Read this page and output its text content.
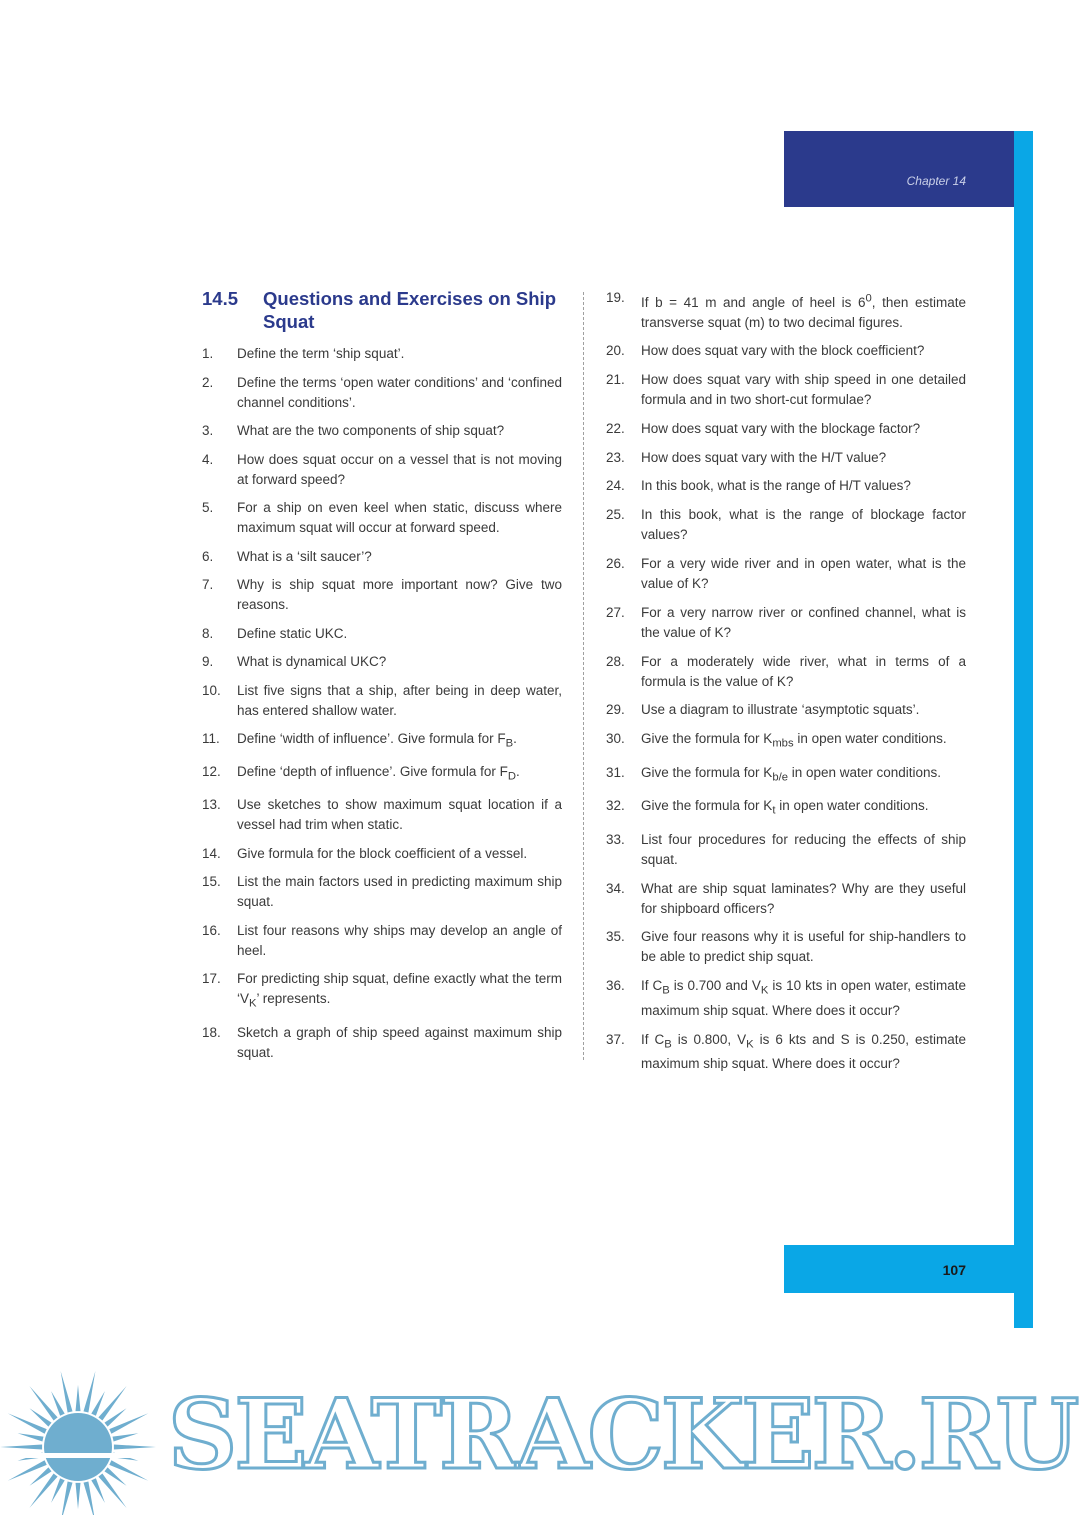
Chapter 14
14.5 Questions and Exercises on Ship Squat
1. Define the term ‘ship squat’.
2. Define the terms ‘open water conditions’ and ‘confined channel conditions’.
3. What are the two components of ship squat?
4. How does squat occur on a vessel that is not moving at forward speed?
5. For a ship on even keel when static, discuss where maximum squat will occur at forward speed.
6. What is a ‘silt saucer’?
7. Why is ship squat more important now? Give two reasons.
8. Define static UKC.
9. What is dynamical UKC?
10. List five signs that a ship, after being in deep water, has entered shallow water.
11. Define ‘width of influence’. Give formula for $F_B$.
12. Define ‘depth of influence’. Give formula for $F_D$.
13. Use sketches to show maximum squat location if a vessel had trim when static.
14. Give formula for the block coefficient of a vessel.
15. List the main factors used in predicting maximum ship squat.
16. List four reasons why ships may develop an angle of heel.
17. For predicting ship squat, define exactly what the term ‘$V_K$’ represents.
18. Sketch a graph of ship speed against maximum ship squat.
19. If b = 41 m and angle of heel is $6^0$, then estimate transverse squat (m) to two decimal figures.
20. How does squat vary with the block coefficient?
21. How does squat vary with ship speed in one detailed formula and in two short-cut formulae?
22. How does squat vary with the blockage factor?
23. How does squat vary with the H/T value?
24. In this book, what is the range of H/T values?
25. In this book, what is the range of blockage factor values?
26. For a very wide river and in open water, what is the value of K?
27. For a very narrow river or confined channel, what is the value of K?
28. For a moderately wide river, what in terms of a formula is the value of K?
29. Use a diagram to illustrate ‘asymptotic squats’.
30. Give the formula for $K_{mbs}$ in open water conditions.
31. Give the formula for $K_{b/e}$ in open water conditions.
32. Give the formula for $K_t$ in open water conditions.
33. List four procedures for reducing the effects of ship squat.
34. What are ship squat laminates? Why are they useful for shipboard officers?
35. Give four reasons why it is useful for ship-handlers to be able to predict ship squat.
36. If $C_B$ is 0.700 and $V_K$ is 10 kts in open water, estimate maximum ship squat. Where does it occur?
37. If $C_B$ is 0.800, $V_K$ is 6 kts and S is 0.250, estimate maximum ship squat. Where does it occur?
107
SEATRACKER.RU
